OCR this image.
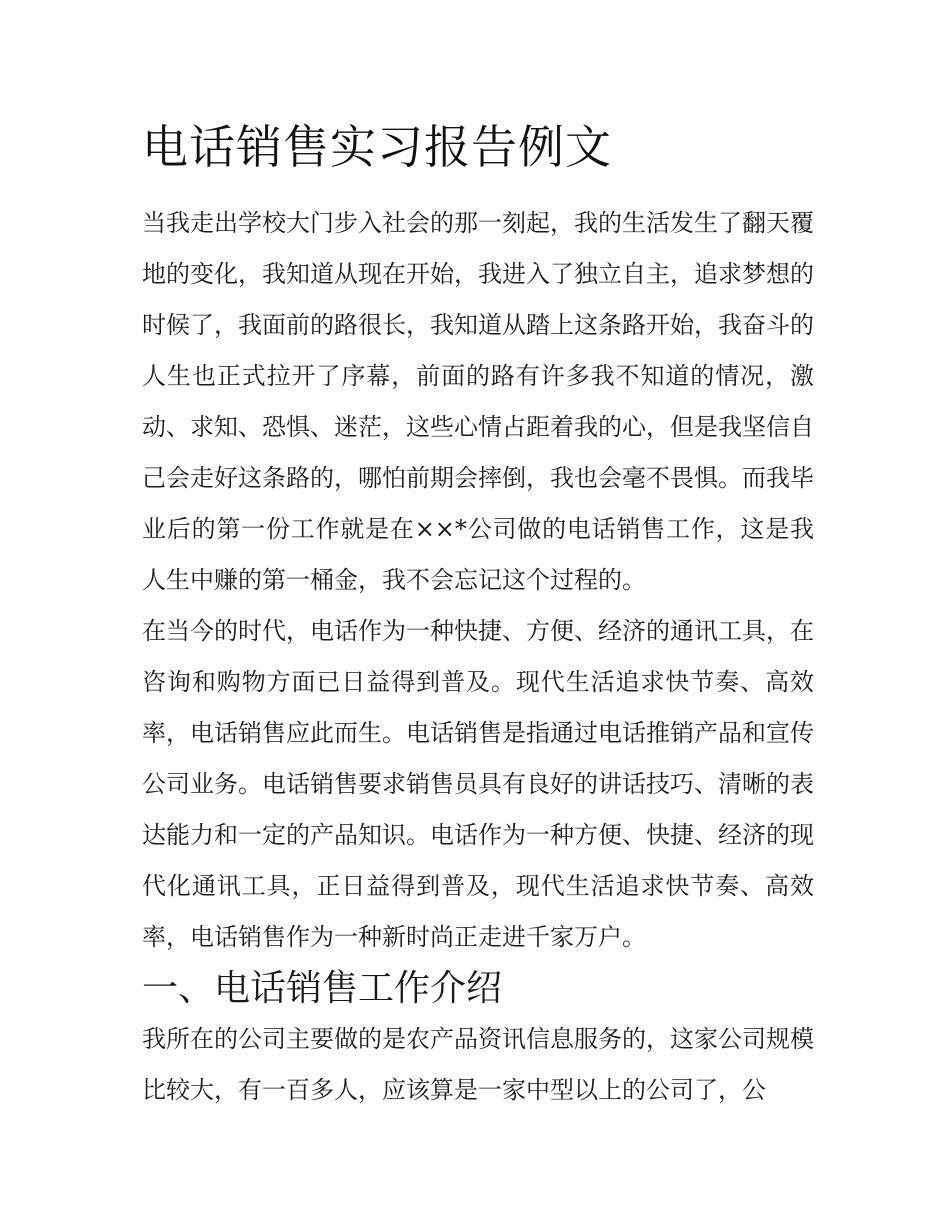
电话销售实习报告例文

当我走出学校大门步入社会的那一刻起，我的生活发生了翻天覆地的变化，我知道从现在开始，我进入了独立自主，追求梦想的时候了，我面前的路很长，我知道从踏上这条路开始，我奋斗的人生也正式拉开了序幕，前面的路有许多我不知道的情况，激动、求知、恐惧、迷茫，这些心情占距着我的心，但是我坚信自己会走好这条路的，哪怕前期会摔倒，我也会毫不畏惧。而我毕业后的第一份工作就是在××*公司做的电话销售工作，这是我人生中赚的第一桶金，我不会忘记这个过程的。

在当今的时代，电话作为一种快捷、方便、经济的通讯工具，在咨询和购物方面已日益得到普及。现代生活追求快节奏、高效率，电话销售应此而生。电话销售是指通过电话推销产品和宣传公司业务。电话销售要求销售员具有良好的讲话技巧、清晰的表达能力和一定的产品知识。电话作为一种方便、快捷、经济的现代化通讯工具，正日益得到普及，现代生活追求快节奏、高效率，电话销售作为一种新时尚正走进千家万户。

一、电话销售工作介绍

我所在的公司主要做的是农产品资讯信息服务的，这家公司规模比较大，有一百多人，应该算是一家中型以上的公司了，公
